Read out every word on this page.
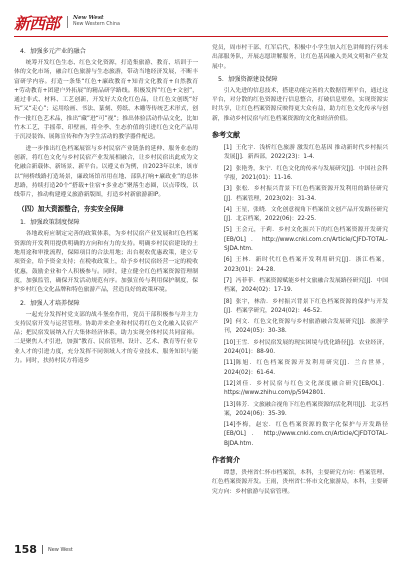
新西部	New West
New Western China
4．加强多元产业的融合

统筹开发红色生态、红色文化资源，打造集旅游、教育、培训于一体的文化市场，融合红色旅游与生态旅游，带动当地经济发展，不断丰富研学内容。打造一条集“红色+廉政教育+知青文化教育+自然教育+劳动教育+团建户外拓展”的精品研学路线。积极发挥“红色+文创”，通过非式、材料、工艺创新，开发好大众化红色品，让红色文创既“好玩”又“走心”；运用绘画、书法、篆刻、剪纸、木雕等传统艺术形式，创作一批红色艺术品，推出“藏”进“可”视”；推出体验活动作品文化，比如竹木工艺，手摇带、印壁画，将全季、生态价值的引进红色文化产品用于沉浸装饰、展陈宣传和作为学生活动的教学器件配送。

进一步推出红色档案展馆与乡村民宿产业链条的延伸、服务业态的创新，将红色文化与乡村民宿产业发展相融合，让乡村民宿出此成为文化融合新载体、新场景、新平台。以遵义市为例，自2023年以来，该市以“闸桥线路打造场景，廉政场馆吊用在地、部队打响+廉政业”的总体思路，持续打造20个“搭载+住宿+多业态”聚落生态圈，以点带线，以线带片，推动构建遵义旅游新版图，打造乡村新旅游新IP。

（四）加大资源整合，夯实安全保障
1．加强政策制度保障

各地政府应制定完善的政策体系，为乡村民宿产业发展和红色档案资源的开发利用提供明确的方向和有力的支持。明确乡村民宿建设的土地用途和审批流程，保障项目的合法用地；出台税收优惠政策，建立专项资金，给予资金支持；在税收政策上，给予乡村民宿经营一定的税收优惠，鼓励企业和个人积极参与。同时，建立健全红色档案资源管理制度，加强监管，确保开发活动规范有序。加强宣传与利用保护制度，保护乡村红色文化品牌和特色旅游产品，营造良好的政策环境。

2．加强人才培养保障

一起充分发挥村党支部的战斗堡垒作用，党员干部积极参与并主力支持民宿开发与运营管理。协助并来企业和村民将红色文化融入民宿产品；把民宿发展纳入行大集体经济体系，助力实现全体村民共同富裕。二是聚焦人才引进，加强“教育、民宿管理、设计、艺术、教育等行业专业人才的引进力度，充分发挥不同领域人才的专业技术、服务知识与能力。同时，扶持村民方将返乡

党员，周市村干部、红军后代，积极中小学生加入红色讲师的行列未出部服务队，开展志愿讲解服务，让红色基因融入美风文明和产业发展中。

5．加强资源建设保障

引入先进的信息技术，搭建功能完善的大数据管理平台，通过这平台，对分散的红色资源进行信息整合，打破信息壁垒，实现资源实时共享，让红色档案资源反映得更大众有益，助力红色文化传承与创新，推动乡村民宿与红色档案资源的文化和经济价值。

参考文献

[1] 王化宇．浅析红色旅游 激发红色基因 推动新时代乡村振兴发展[J]．新西部，2022(23)：1-4.

[2] 张艳秀，朱宁．红色文化的传承与发展研究[J]．中国社会科学报，2021(01)：11-16.

[3] 张松．乡村振兴背景下红色档案资源开发利用的路径研究[J]．档案管理，2023(02)：31-34.

[4] 王星，张晓．文化创意视角下档案馆文创产品开发路径研究[J]．北京档案，2022(06)：22-25.

[5] 王会元，于莉．乡村文化振兴下的红色档案资源开发研究[EB/OL]．http://www.cnki.com.cn/Article/CJFD-TOTAL-SJDA.htm.

[6] 王林．新时代红色档案开发利用研究[J]．浙江档案，2023(01)：24-28.

[7] 冯菲菲．档案资源赋能乡村文旅融合发展路径研究[J]．中国档案，2024(02)：17-19.

[8] 张宇，林浩．乡村振兴背景下红色档案资源的保护与开发[J]．档案学研究，2024(02)：46-52.

[9] 何文．红色文化资源与乡村旅游融合发展研究[J]．旅游学刊，2024(05)：30-38.

[10] 王雪．乡村民宿发展的现实困境与优化路径[J]．农业经济，2024(01)：88-90.

[11] 陈旭．红色档案资源开发利用研究[J]．兰台世界，2024(02)：61-64.

[12] 刘佳．乡村民宿与红色文化深度融合研究[EB/OL]．https://www.zhihu.com/p/5942801.

[13] 韩芳．文旅融合视角下红色档案资源的活化利用[J]．北京档案，2024(06)：35-39.

[14] 李梅，赵宏．红色档案资源的数字化保护与开发路径[EB/OL]．http://www.cnki.com.cn/Article/CJFDTOTAL-BJDA.htm.

作者简介

谭慧，贵州省仁怀市档案馆，本科，主要研究方向：档案管理、红色档案资源开发。王雨，贵州省仁怀市文化旅游局，本科，主要研究方向：乡村旅游与民宿管理。

158 New West
